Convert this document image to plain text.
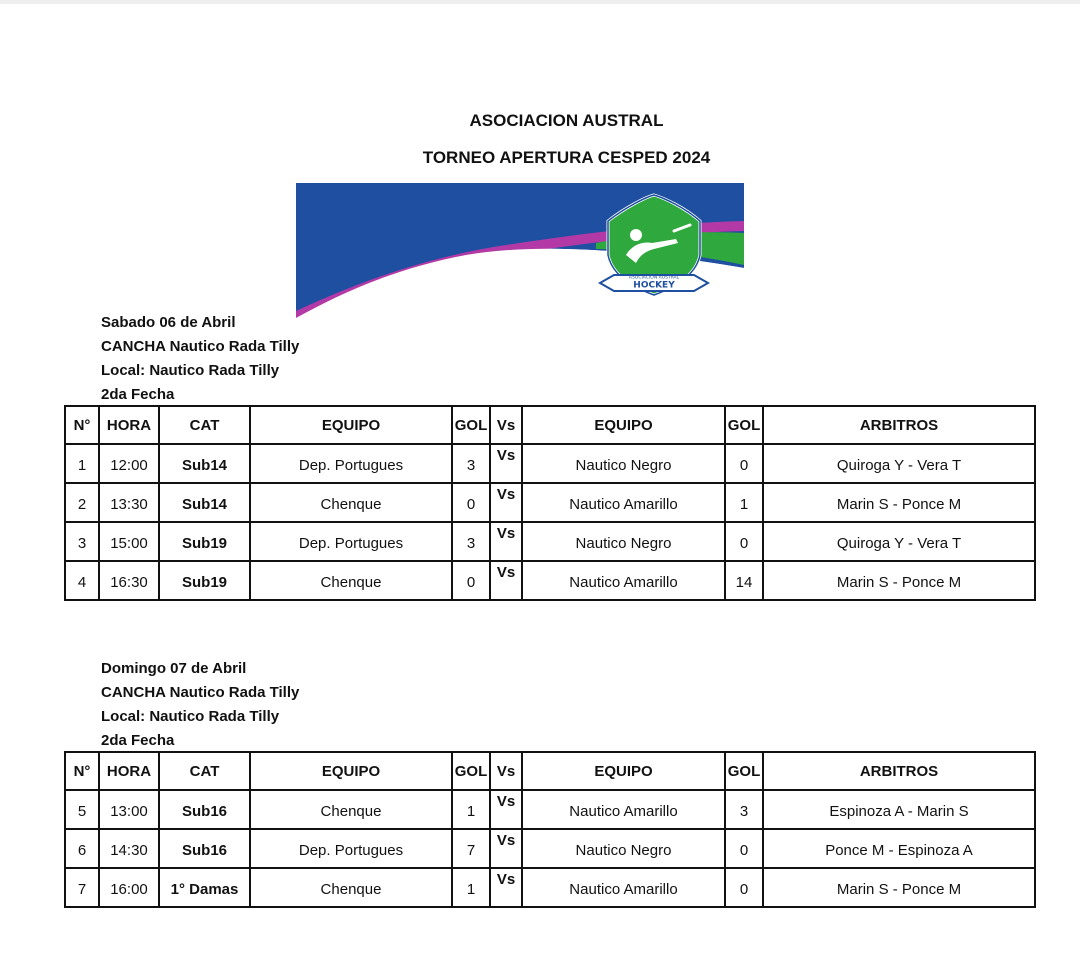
ASOCIACION AUSTRAL
TORNEO APERTURA CESPED 2024
ASOCIACION AUSTRAL
HOCKEY
Sabado 06 de Abril
CANCHA Nautico Rada Tilly
Local: Nautico Rada Tilly
2da Fecha
N°	HORA	CAT	EQUIPO	GOL	Vs	EQUIPO	GOL	ARBITROS
1	12:00	Sub14	Dep. Portugues	3	Vs	Nautico Negro	0	Quiroga Y - Vera T
2	13:30	Sub14	Chenque	0	Vs	Nautico Amarillo	1	Marin S - Ponce M
3	15:00	Sub19	Dep. Portugues	3	Vs	Nautico Negro	0	Quiroga Y - Vera T
4	16:30	Sub19	Chenque	0	Vs	Nautico Amarillo	14	Marin S - Ponce M
Domingo 07 de Abril
CANCHA Nautico Rada Tilly
Local: Nautico Rada Tilly
2da Fecha
N°	HORA	CAT	EQUIPO	GOL	Vs	EQUIPO	GOL	ARBITROS
5	13:00	Sub16	Chenque	1	Vs	Nautico Amarillo	3	Espinoza A - Marin S
6	14:30	Sub16	Dep. Portugues	7	Vs	Nautico Negro	0	Ponce M - Espinoza A
7	16:00	1° Damas	Chenque	1	Vs	Nautico Amarillo	0	Marin S - Ponce M
